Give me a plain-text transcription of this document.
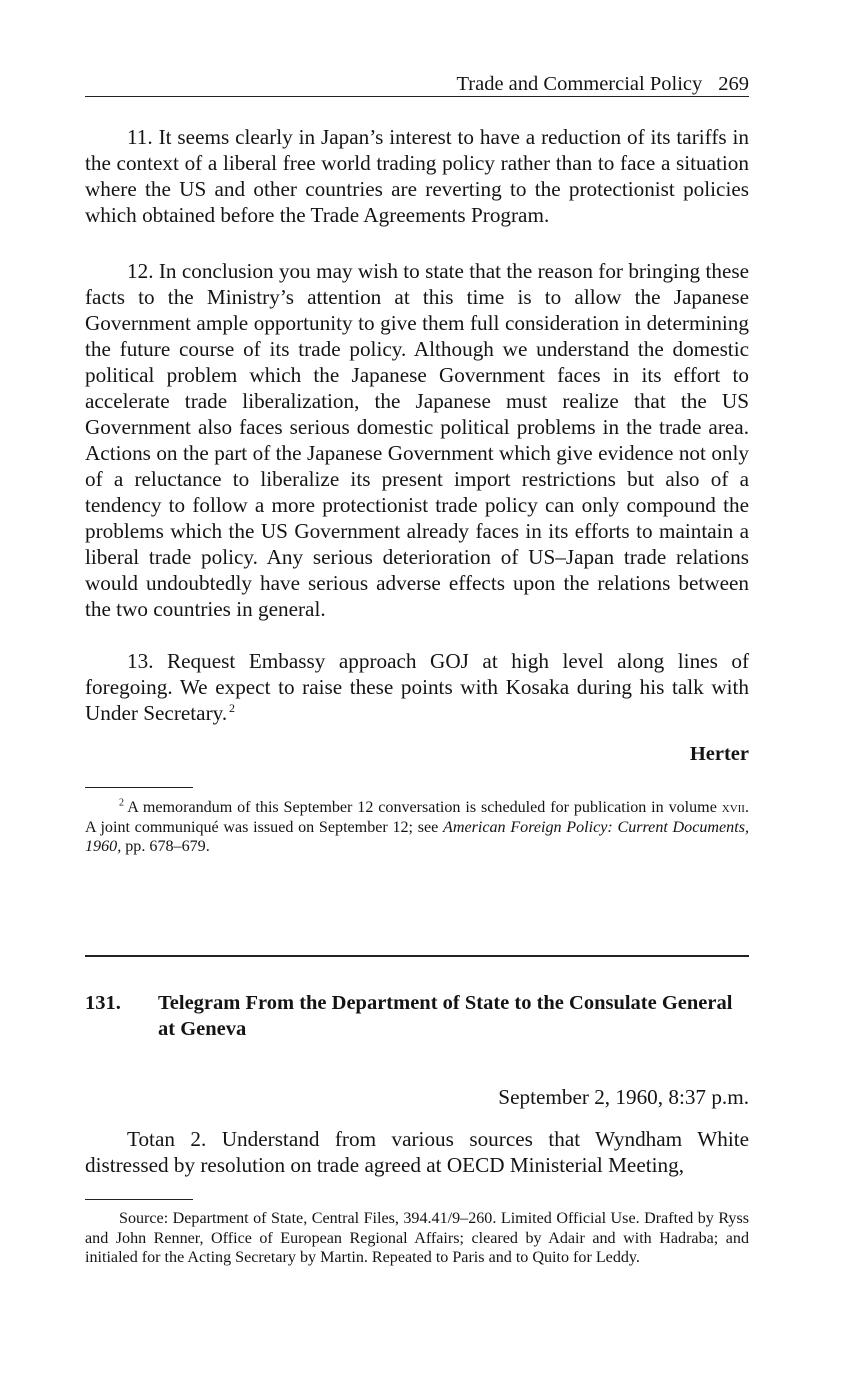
Trade and Commercial Policy 269

11. It seems clearly in Japan’s interest to have a reduction of its tariffs in the context of a liberal free world trading policy rather than to face a situation where the US and other countries are reverting to the protectionist policies which obtained before the Trade Agreements Program.

12. In conclusion you may wish to state that the reason for bringing these facts to the Ministry’s attention at this time is to allow the Japanese Government ample opportunity to give them full consideration in determining the future course of its trade policy. Although we understand the domestic political problem which the Japanese Government faces in its effort to accelerate trade liberalization, the Japanese must realize that the US Government also faces serious domestic political problems in the trade area. Actions on the part of the Japanese Government which give evidence not only of a reluctance to liberalize its present import restrictions but also of a tendency to follow a more protectionist trade policy can only compound the problems which the US Government already faces in its efforts to maintain a liberal trade policy. Any serious deterioration of US–Japan trade relations would undoubtedly have serious adverse effects upon the relations between the two countries in general.

13. Request Embassy approach GOJ at high level along lines of foregoing. We expect to raise these points with Kosaka during his talk with Under Secretary.  $^2$

Herter

$^2$  A memorandum of this September 12 conversation is scheduled for publication in volume xvii. A joint communiqué was issued on September 12; see American Foreign Policy: Current Documents, 1960, pp. 678–679.

131. Telegram From the Department of State to the Consulate General at Geneva
September 2, 1960, 8:37 p.m.

Totan 2. Understand from various sources that Wyndham White distressed by resolution on trade agreed at OECD Ministerial Meeting,

Source: Department of State, Central Files, 394.41/9–260. Limited Official Use. Drafted by Ryss and John Renner, Office of European Regional Affairs; cleared by Adair and with Hadraba; and initialed for the Acting Secretary by Martin. Repeated to Paris and to Quito for Leddy.
